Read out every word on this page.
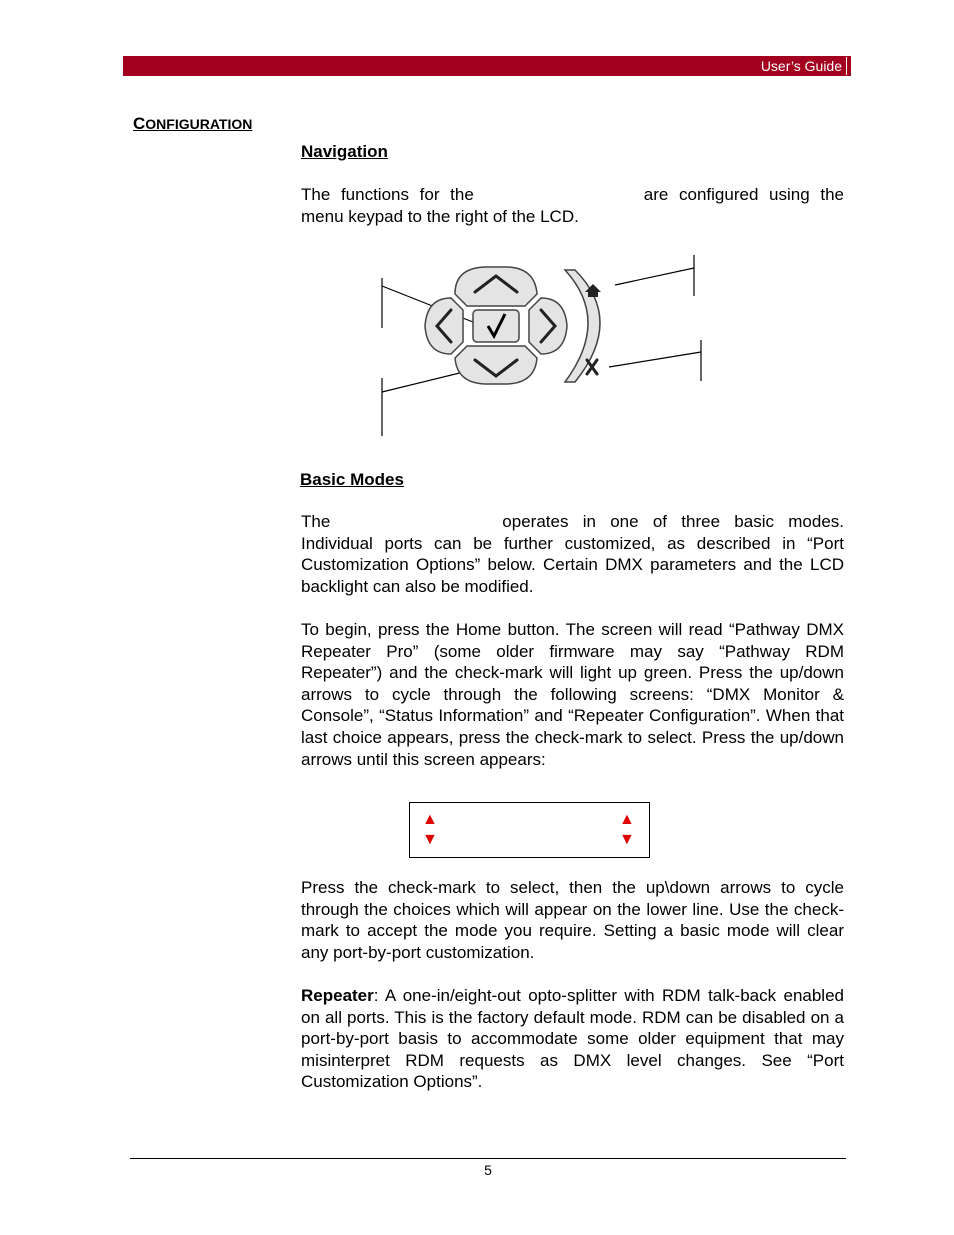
User’s Guide
CONFIGURATION
Navigation

The functions for the	are configured using the menu keypad to the right of the LCD.

Basic Modes

The	operates in one of three basic modes. Individual ports can be further customized, as described in “Port Customization Options” below. Certain DMX parameters and the LCD backlight can also be modified.

To begin, press the Home button. The screen will read “Pathway DMX Repeater Pro” (some older firmware may say “Pathway RDM Repeater”) and the check-mark will light up green. Press the up/down arrows to cycle through the following screens: “DMX Monitor & Console”, “Status Information” and “Repeater Configuration”. When that last choice appears, press the check-mark to select. Press the up/down arrows until this screen appears:

▲
▼
▲
▼

Press the check-mark to select, then the up\down arrows to cycle through the choices which will appear on the lower line. Use the check-mark to accept the mode you require. Setting a basic mode will clear any port-by-port customization.

Repeater: A one-in/eight-out opto-splitter with RDM talk-back enabled on all ports. This is the factory default mode. RDM can be disabled on a port-by-port basis to accommodate some older equipment that may misinterpret RDM requests as DMX level changes. See “Port Customization Options”.

5
